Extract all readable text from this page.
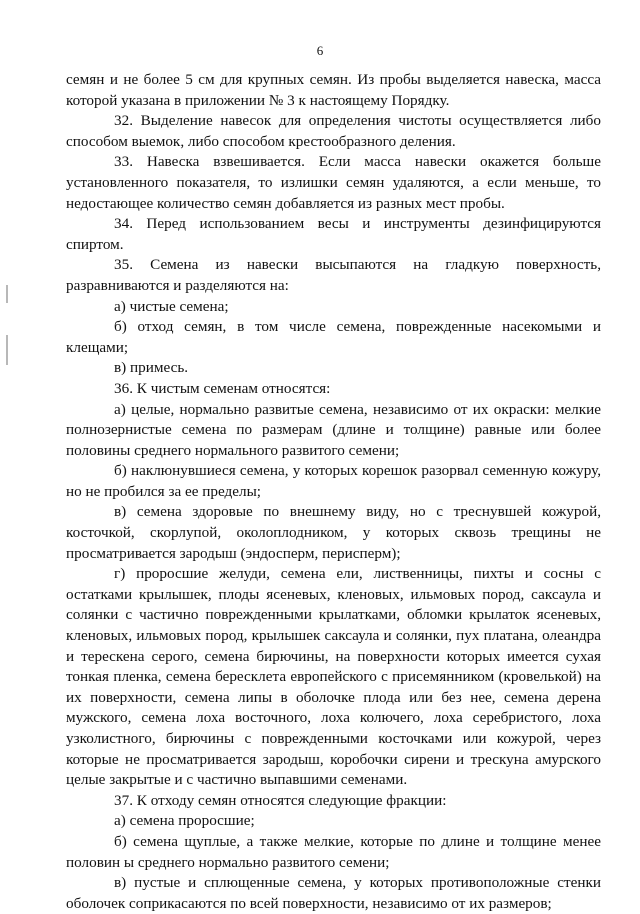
6

семян и не более 5 см для крупных семян. Из пробы выделяется навеска, масса которой указана в приложении № 3 к настоящему Порядку.

32. Выделение навесок для определения чистоты осуществляется либо способом выемок, либо способом крестообразного деления.

33. Навеска взвешивается. Если масса навески окажется больше установленного показателя, то излишки семян удаляются, а если меньше, то недостающее количество семян добавляется из разных мест пробы.

34. Перед использованием весы и инструменты дезинфицируются спиртом.

35. Семена из навески высыпаются на гладкую поверхность, разравниваются и разделяются на:

а) чистые семена;

б) отход семян, в том числе семена, поврежденные насекомыми и клещами;

в) примесь.

36. К чистым семенам относятся:

а) целые, нормально развитые семена, независимо от их окраски: мелкие полнозернистые семена по размерам (длине и толщине) равные или более половины среднего нормального развитого семени;

б) наклюнувшиеся семена, у которых корешок разорвал семенную кожуру, но не пробился за ее пределы;

в) семена здоровые по внешнему виду, но с треснувшей кожурой, косточкой, скорлупой, околоплодником, у которых сквозь трещины не просматривается зародыш (эндосперм, перисперм);

г) проросшие желуди, семена ели, лиственницы, пихты и сосны с остатками крылышек, плоды ясеневых, кленовых, ильмовых пород, саксаула и солянки с частично поврежденными крылатками, обломки крылаток ясеневых, кленовых, ильмовых пород, крылышек саксаула и солянки, пух платана, олеандра и терескена серого, семена бирючины, на поверхности которых имеется сухая тонкая пленка, семена бересклета европейского с присемянником (кровелькой) на их поверхности, семена липы в оболочке плода или без нее, семена дерена мужского, семена лоха восточного, лоха колючего, лоха серебристого, лоха узколистного, бирючины с поврежденными косточками или кожурой, через которые не просматривается зародыш, коробочки сирени и трескуна амурского целые закрытые и с частично выпавшими семенами.

37. К отходу семян относятся следующие фракции:

а) семена проросшие;

б) семена щуплые, а также мелкие, которые по длине и толщине менее половин ы среднего нормально развитого семени;

в) пустые и сплющенные семена, у которых противоположные стенки оболочек соприкасаются по всей поверхности, независимо от их размеров;
